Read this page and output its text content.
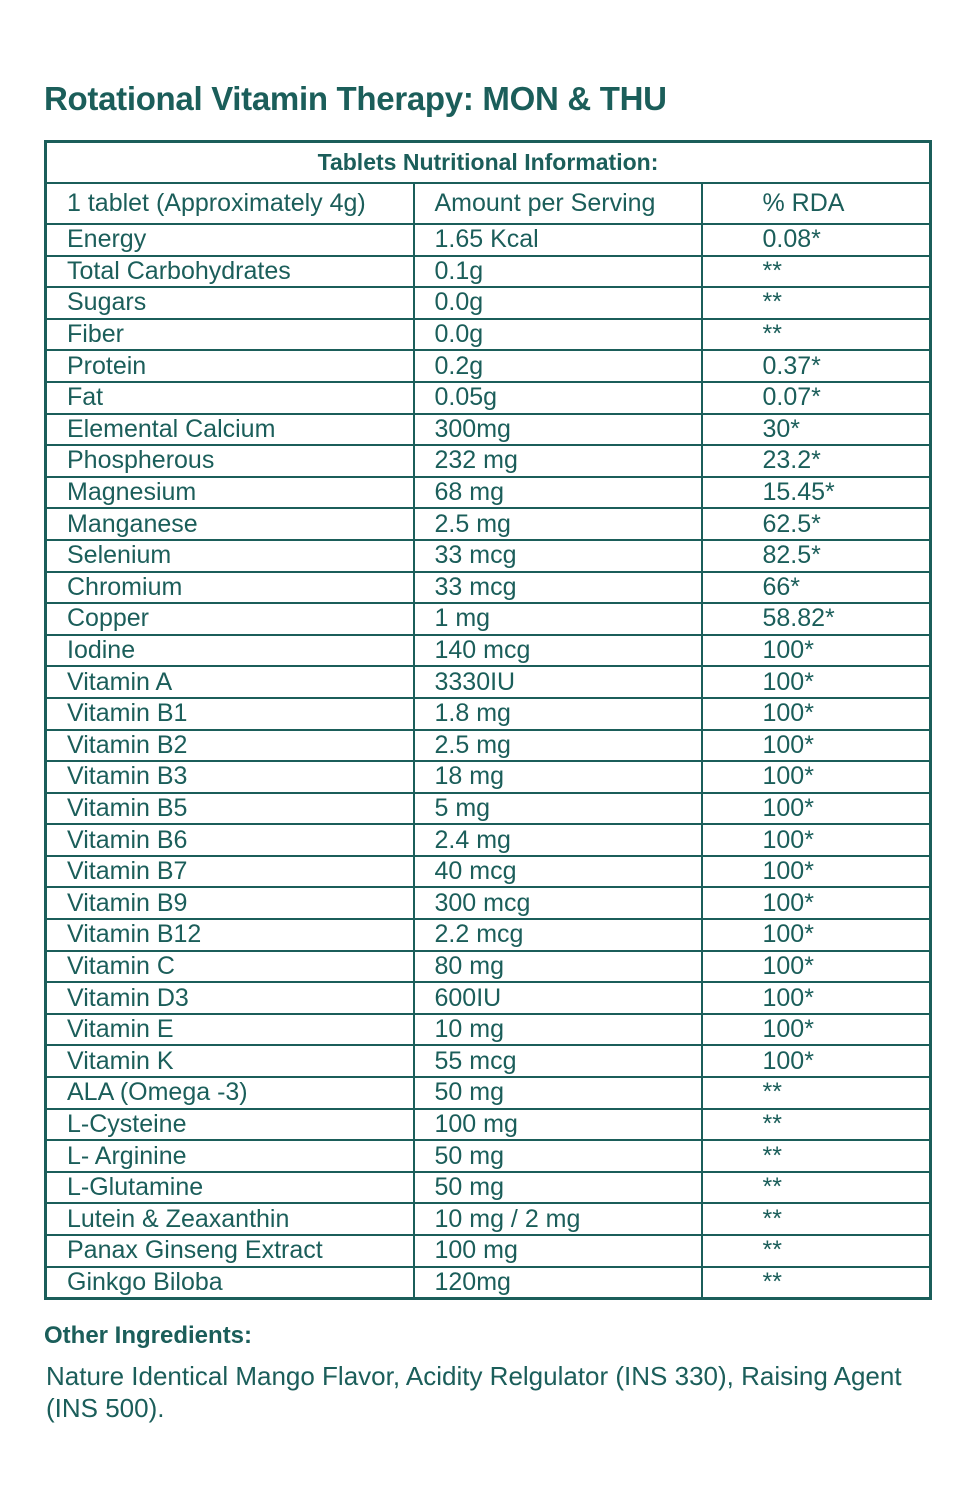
Rotational Vitamin Therapy: MON & THU
Tablets Nutritional Information:		
1 tablet (Approximately 4g)	Amount per Serving	% RDA
Energy	1.65 Kcal	0.08*
Total Carbohydrates	0.1g	**
Sugars	0.0g	**
Fiber	0.0g	**
Protein	0.2g	0.37*
Fat	0.05g	0.07*
Elemental Calcium	300mg	30*
Phospherous	232 mg	23.2*
Magnesium	68 mg	15.45*
Manganese	2.5 mg	62.5*
Selenium	33 mcg	82.5*
Chromium	33 mcg	66*
Copper	1 mg	58.82*
Iodine	140 mcg	100*
Vitamin A	3330IU	100*
Vitamin B1	1.8 mg	100*
Vitamin B2	2.5 mg	100*
Vitamin B3	18 mg	100*
Vitamin B5	5 mg	100*
Vitamin B6	2.4 mg	100*
Vitamin B7	40 mcg	100*
Vitamin B9	300 mcg	100*
Vitamin B12	2.2 mcg	100*
Vitamin C	80 mg	100*
Vitamin D3	600IU	100*
Vitamin E	10 mg	100*
Vitamin K	55 mcg	100*
ALA (Omega -3)	50 mg	**
L-Cysteine	100 mg	**
L- Arginine	50 mg	**
L-Glutamine	50 mg	**
Lutein & Zeaxanthin	10 mg / 2 mg	**
Panax Ginseng Extract	100 mg	**
Ginkgo Biloba	120mg	**
Other Ingredients:
Nature Identical Mango Flavor, Acidity Relgulator (INS 330), Raising Agent (INS 500).
